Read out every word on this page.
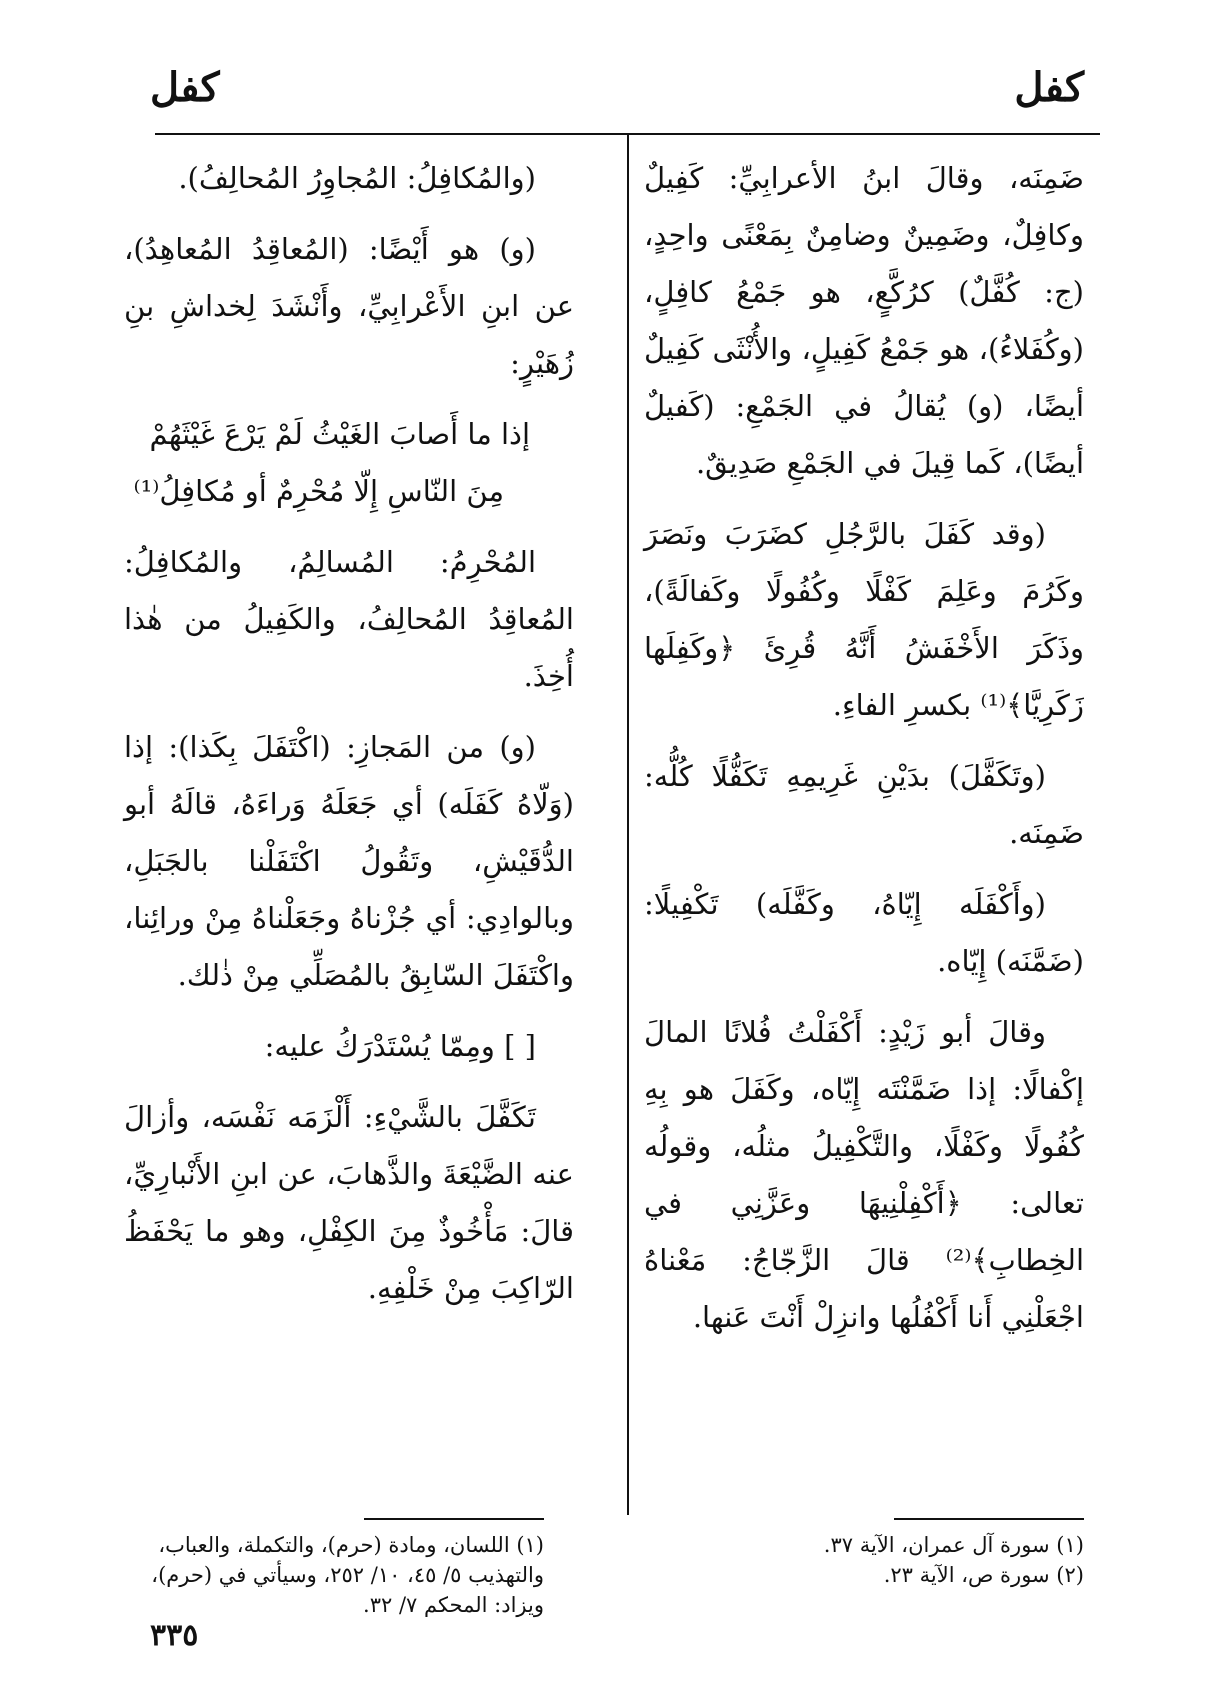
كفل
كفل

ضَمِنَه، وقالَ ابنُ الأعرابِيِّ: كَفِيلٌ وكافِلٌ، وضَمِينٌ وضامِنٌ بِمَعْنًى واحِدٍ، (ج: كُفَّلٌ) كرُكَّعٍ، هو جَمْعُ كافِلٍ، (وكُفَلاءُ)، هو جَمْعُ كَفِيلٍ، والأُنْثَى كَفِيلٌ أيضًا، (و) يُقالُ في الجَمْعِ: (كَفيلٌ أيضًا)، كَما قِيلَ في الجَمْعِ صَدِيقٌ.

(وقد كَفَلَ بالرَّجُلِ كضَرَبَ ونَصَرَ وكَرُمَ وعَلِمَ كَفْلًا وكُفُولًا وكَفالَةً)، وذَكَرَ الأَخْفَشُ أَنَّهُ قُرِئَ ﴿وكَفِلَها زَكَرِيَّا﴾⁽¹⁾ بكسرِ الفاءِ.

(وتَكَفَّلَ) بدَيْنِ غَرِيمِهِ تَكَفُّلًا كُلُّه: ضَمِنَه.

(وأَكْفَلَه إِيّاهُ، وكَفَّلَه) تَكْفِيلًا: (ضَمَّنَه) إِيّاه.

وقالَ أبو زَيْدٍ: أَكْفَلْتُ فُلانًا المالَ إكْفالًا: إذا ضَمَّنْتَه إِيّاه، وكَفَلَ هو بِهِ كُفُولًا وكَفْلًا، والتَّكْفِيلُ مثلُه، وقولُه تعالى: ﴿أَكْفِلْنِيهَا وعَزَّنِي في الخِطابِ﴾⁽²⁾ قالَ الزَّجّاجُ: مَعْناهُ اجْعَلْنِي أَنا أَكْفُلُها وانزِلْ أَنْتَ عَنها.

(والمُكافِلُ: المُجاوِرُ المُحالِفُ).

(و) هو أَيْضًا: (المُعاقِدُ المُعاهِدُ)، عن ابنِ الأَعْرابِيِّ، وأَنْشَدَ لِخداشِ بنِ زُهَيْرٍ:

إذا ما أَصابَ الغَيْثُ لَمْ يَرْعَ غَيْثَهُمْ

مِنَ النّاسِ إِلّا مُحْرِمٌ أو مُكافِلُ⁽¹⁾

المُحْرِمُ: المُسالِمُ، والمُكافِلُ: المُعاقِدُ المُحالِفُ، والكَفِيلُ من هٰذا أُخِذَ.

(و) من المَجازِ: (اكْتَفَلَ بِكَذا): إذا (وَلّاهُ كَفَلَه) أي جَعَلَهُ وَراءَهُ، قالَهُ أبو الدُّقَيْشِ، وتَقُولُ اكْتَفَلْنا بالجَبَلِ، وبالوادِي: أي جُزْناهُ وجَعَلْناهُ مِنْ ورائِنا، واكْتَفَلَ السّابِقُ بالمُصَلِّي مِنْ ذٰلك.

[ ] ومِمّا يُسْتَدْرَكُ عليه:

تَكَفَّلَ بالشَّيْءِ: أَلْزَمَه نَفْسَه، وأزالَ عنه الضَّيْعَةَ والذَّهابَ، عن ابنِ الأَنْبارِيِّ، قالَ: مَأْخُوذٌ مِنَ الكِفْلِ، وهو ما يَحْفَظُ الرّاكِبَ مِنْ خَلْفِهِ.

(١) سورة آل عمران، الآية ٣٧.
(٢) سورة ص، الآية ٢٣.
(١) اللسان، ومادة (حرم)، والتكملة، والعباب، والتهذيب ٥/ ٤٥، ١٠/ ٢٥٢، وسيأتي في (حرم)، ويزاد: المحكم ٧/ ٣٢.
٣٣٥
